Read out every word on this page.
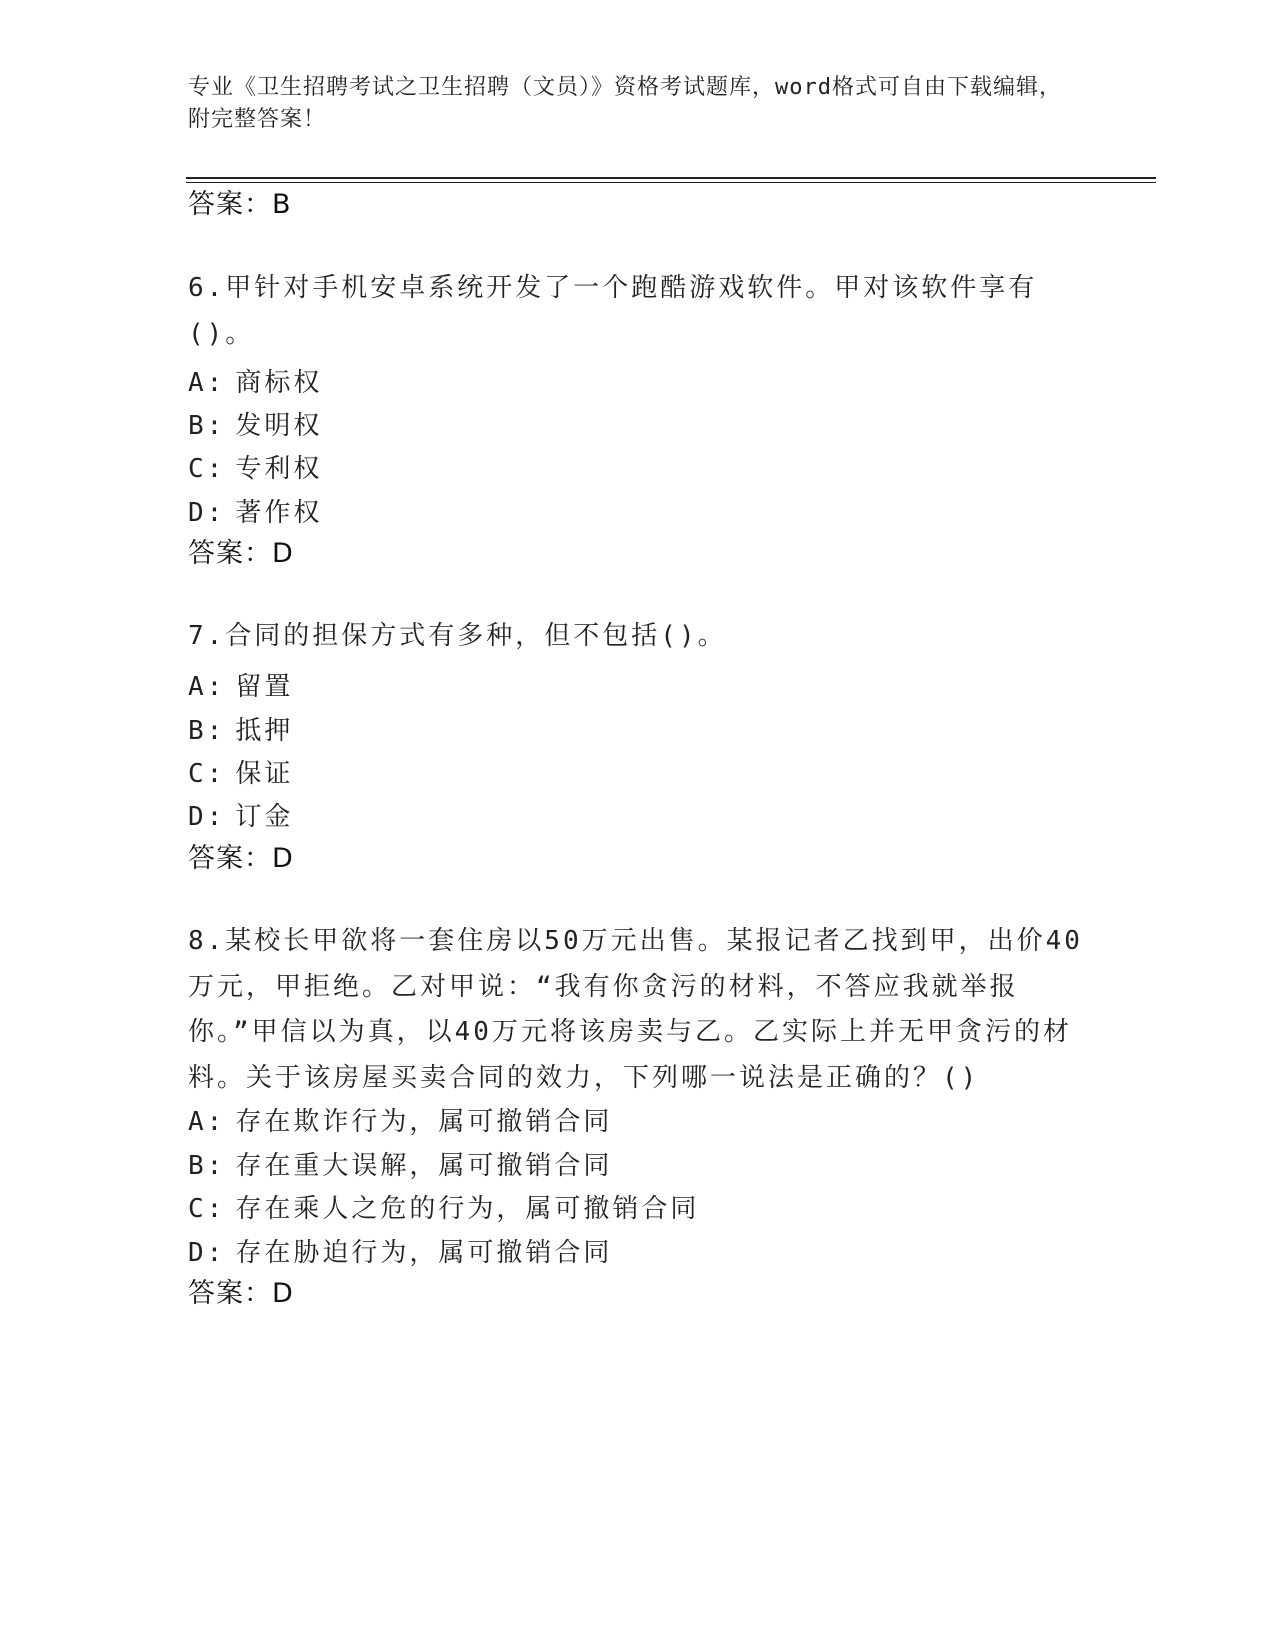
专业《卫生招聘考试之卫生招聘（文员）》资格考试题库，word格式可自由下载编辑，附完整答案！
答案：B
6.甲针对手机安卓系统开发了一个跑酷游戏软件。甲对该软件享有()。
A: 商标权
B: 发明权
C: 专利权
D: 著作权
答案：D
7.合同的担保方式有多种，但不包括()。
A: 留置
B: 抵押
C: 保证
D: 订金
答案：D
8.某校长甲欲将一套住房以50万元出售。某报记者乙找到甲，出价40万元，甲拒绝。乙对甲说：“我有你贪污的材料，不答应我就举报你。”甲信以为真，以40万元将该房卖与乙。乙实际上并无甲贪污的材料。关于该房屋买卖合同的效力，下列哪一说法是正确的？()
A: 存在欺诈行为，属可撤销合同
B: 存在重大误解，属可撤销合同
C: 存在乘人之危的行为，属可撤销合同
D: 存在胁迫行为，属可撤销合同
答案：D
